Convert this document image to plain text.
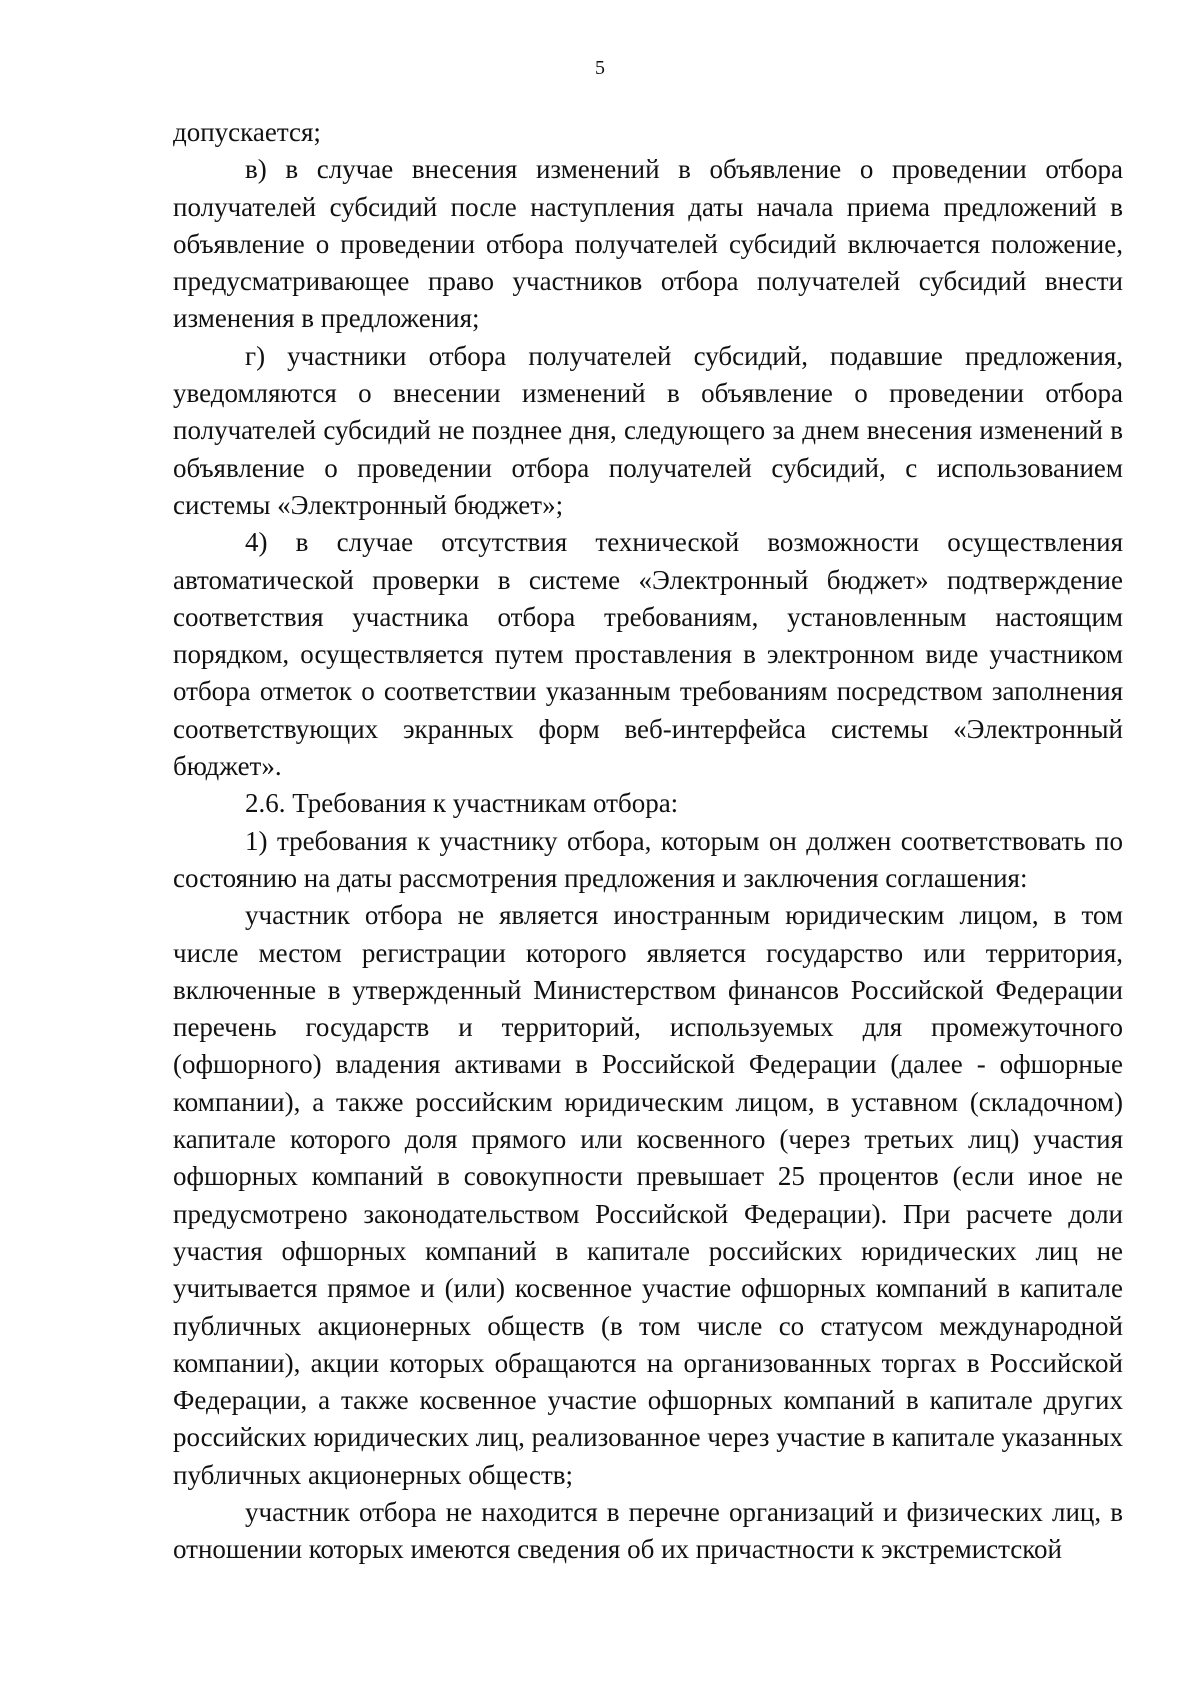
5

допускается;

в) в случае внесения изменений в объявление о проведении отбора получателей субсидий после наступления даты начала приема предложений в объявление о проведении отбора получателей субсидий включается положение, предусматривающее право участников отбора получателей субсидий внести изменения в предложения;

г) участники отбора получателей субсидий, подавшие предложения, уведомляются о внесении изменений в объявление о проведении отбора получателей субсидий не позднее дня, следующего за днем внесения изменений в объявление о проведении отбора получателей субсидий, с использованием системы «Электронный бюджет»;

4) в случае отсутствия технической возможности осуществления автоматической проверки в системе «Электронный бюджет» подтверждение соответствия участника отбора требованиям, установленным настоящим порядком, осуществляется путем проставления в электронном виде участником отбора отметок о соответствии указанным требованиям посредством заполнения соответствующих экранных форм веб-интерфейса системы «Электронный бюджет».

2.6. Требования к участникам отбора:

1) требования к участнику отбора, которым он должен соответствовать по состоянию на даты рассмотрения предложения и заключения соглашения:

участник отбора не является иностранным юридическим лицом, в том числе местом регистрации которого является государство или территория, включенные в утвержденный Министерством финансов Российской Федерации перечень государств и территорий, используемых для промежуточного (офшорного) владения активами в Российской Федерации (далее - офшорные компании), а также российским юридическим лицом, в уставном (складочном) капитале которого доля прямого или косвенного (через третьих лиц) участия офшорных компаний в совокупности превышает 25 процентов (если иное не предусмотрено законодательством Российской Федерации). При расчете доли участия офшорных компаний в капитале российских юридических лиц не учитывается прямое и (или) косвенное участие офшорных компаний в капитале публичных акционерных обществ (в том числе со статусом международной компании), акции которых обращаются на организованных торгах в Российской Федерации, а также косвенное участие офшорных компаний в капитале других российских юридических лиц, реализованное через участие в капитале указанных публичных акционерных обществ;

участник отбора не находится в перечне организаций и физических лиц, в отношении которых имеются сведения об их причастности к экстремистской
